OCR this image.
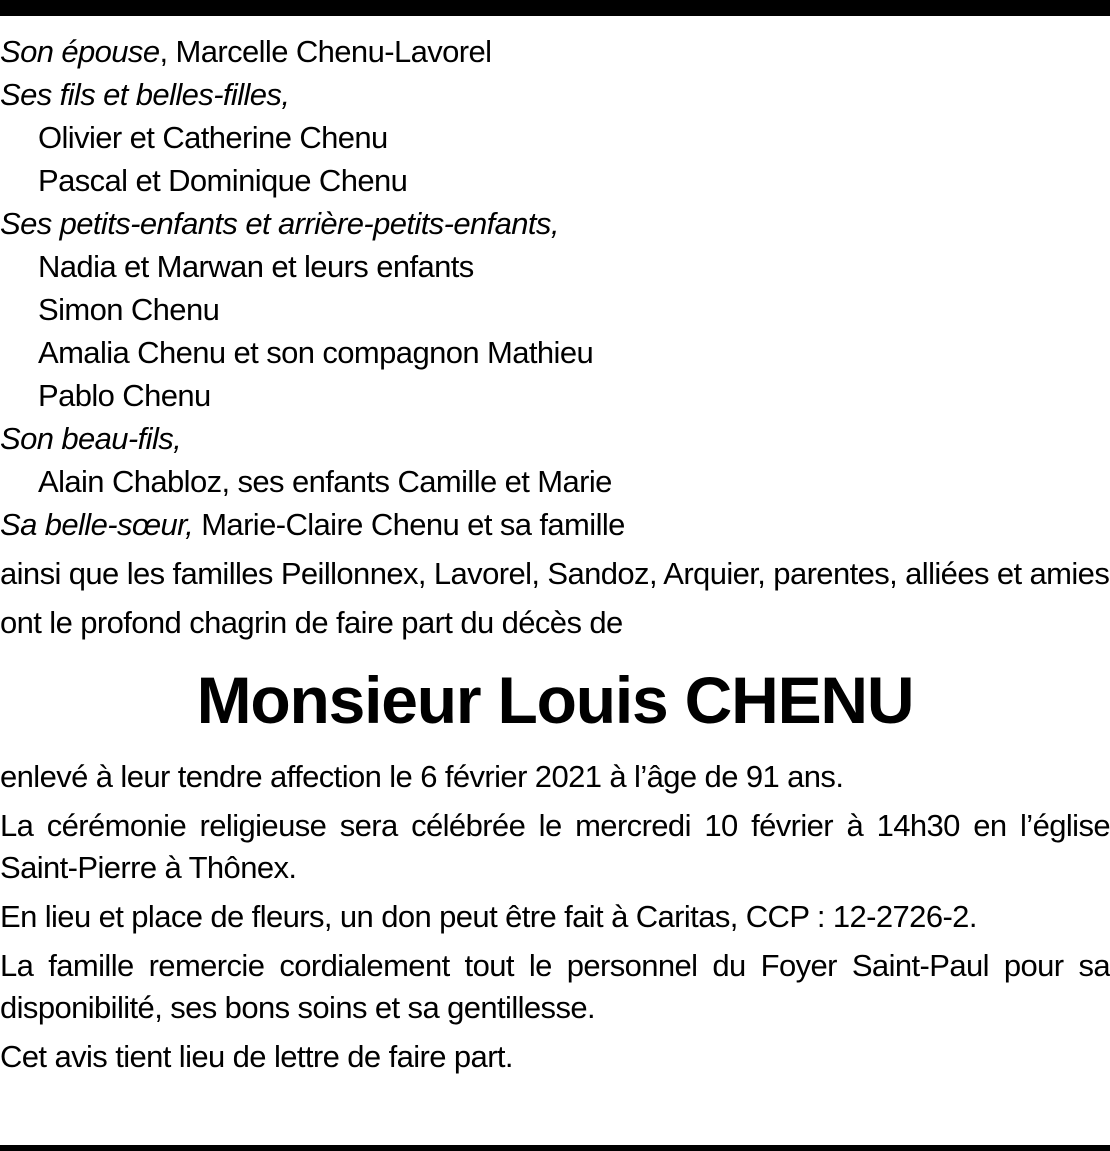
Son épouse, Marcelle Chenu-Lavorel
Ses fils et belles-filles,
Olivier et Catherine Chenu
Pascal et Dominique Chenu
Ses petits-enfants et arrière-petits-enfants,
Nadia et Marwan et leurs enfants
Simon Chenu
Amalia Chenu et son compagnon Mathieu
Pablo Chenu
Son beau-fils,
Alain Chabloz, ses enfants Camille et Marie
Sa belle-sœur, Marie-Claire Chenu et sa famille
ainsi que les familles Peillonnex, Lavorel, Sandoz, Arquier, parentes, alliées et amies
ont le profond chagrin de faire part du décès de
Monsieur Louis CHENU
enlevé à leur tendre affection le 6 février 2021 à l’âge de 91 ans.
La cérémonie religieuse sera célébrée le mercredi 10 février à 14h30 en l’église Saint-Pierre à Thônex.
En lieu et place de fleurs, un don peut être fait à Caritas, CCP : 12-2726-2.
La famille remercie cordialement tout le personnel du Foyer Saint-Paul pour sa disponibilité, ses bons soins et sa gentillesse.
Cet avis tient lieu de lettre de faire part.
